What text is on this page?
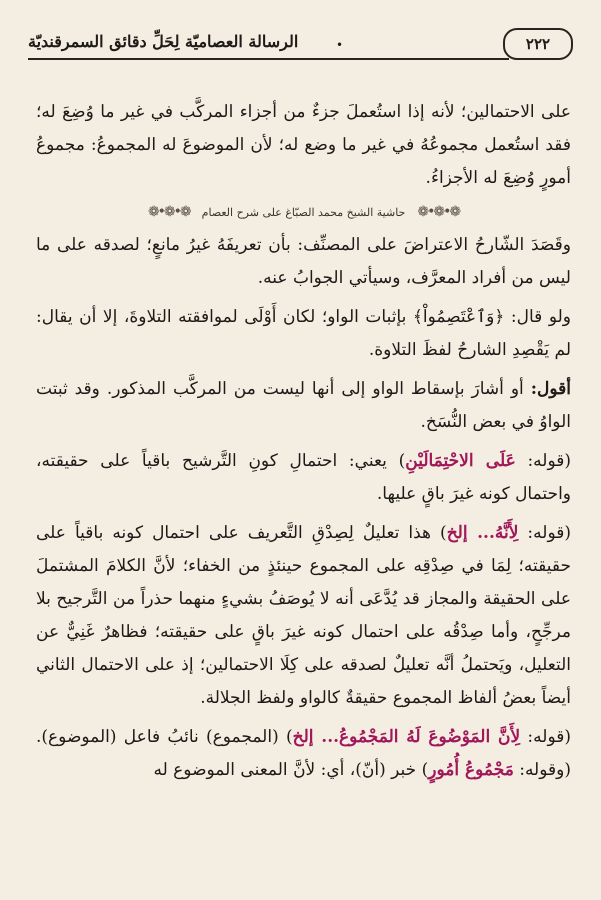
٢٢٢
•
الرسالة العصاميّة لِحَلِّ دقائق السمرقنديّة

على الاحتمالين؛ لأنه إذا استُعملَ جزءٌ من أجزاء المركَّب في غير ما وُضِعَ له؛ فقد استُعمل مجموعُهُ في غير ما وضع له؛ لأن الموضوعَ له المجموعُ: مجموعُ أمورٍ وُضِعَ له الأجزاءُ.

❁•❁•❁
حاشية الشيخ محمد الصبّاغ على شرح العصام
❁•❁•❁

وقَصَدَ الشّارحُ الاعتراضَ على المصنِّف: بأن تعريفَهُ غيرُ مانعٍ؛ لصدقه على ما ليس من أفراد المعرَّف، وسيأتي الجوابُ عنه.

ولو قال: ﴿وَٱعْتَصِمُواْ﴾ بإثبات الواو؛ لكان أَوْلَى لموافقته التلاوةَ، إلا أن يقال: لم يَقْصِدِ الشارحُ لفظَ التلاوة.

أقول: أو أشارَ بإسقاط الواو إلى أنها ليست من المركَّب المذكور. وقد ثبتت الواوُ في بعض النُّسَخ.

(قوله: عَلَى الاحْتِمَالَيْنِ) يعني: احتمالِ كونِ التَّرشيح باقياً على حقيقته، واحتمال كونه غيرَ باقٍ عليها.

(قوله: لِأَنَّهُ... إلخ) هذا تعليلٌ لِصِدْقِ التَّعريف على احتمال كونه باقياً على حقيقته؛ لِمَا في صِدْقِه على المجموع حينئذٍ من الخفاء؛ لأنَّ الكلامَ المشتملَ على الحقيقة والمجاز قد يُدَّعَى أنه لا يُوصَفُ بشيءٍ منهما حذراً من التَّرجيح بلا مرجِّحٍ، وأما صِدْقُه على احتمال كونه غيرَ باقٍ على حقيقته؛ فظاهرٌ غَنِيٌّ عن التعليل، ويَحتملُ أنَّه تعليلٌ لصدقه على كِلَا الاحتمالين؛ إذ على الاحتمال الثاني أيضاً بعضُ ألفاظ المجموع حقيقةٌ كالواو ولفظ الجلالة.

(قوله: لِأَنَّ المَوْضُوعَ لَهُ المَجْمُوعُ... إلخ) (المجموع) نائبُ فاعل (الموضوع). (وقوله: مَجْمُوعُ أُمُورٍ) خبر (أنّ)، أي: لأنَّ المعنى الموضوع له
